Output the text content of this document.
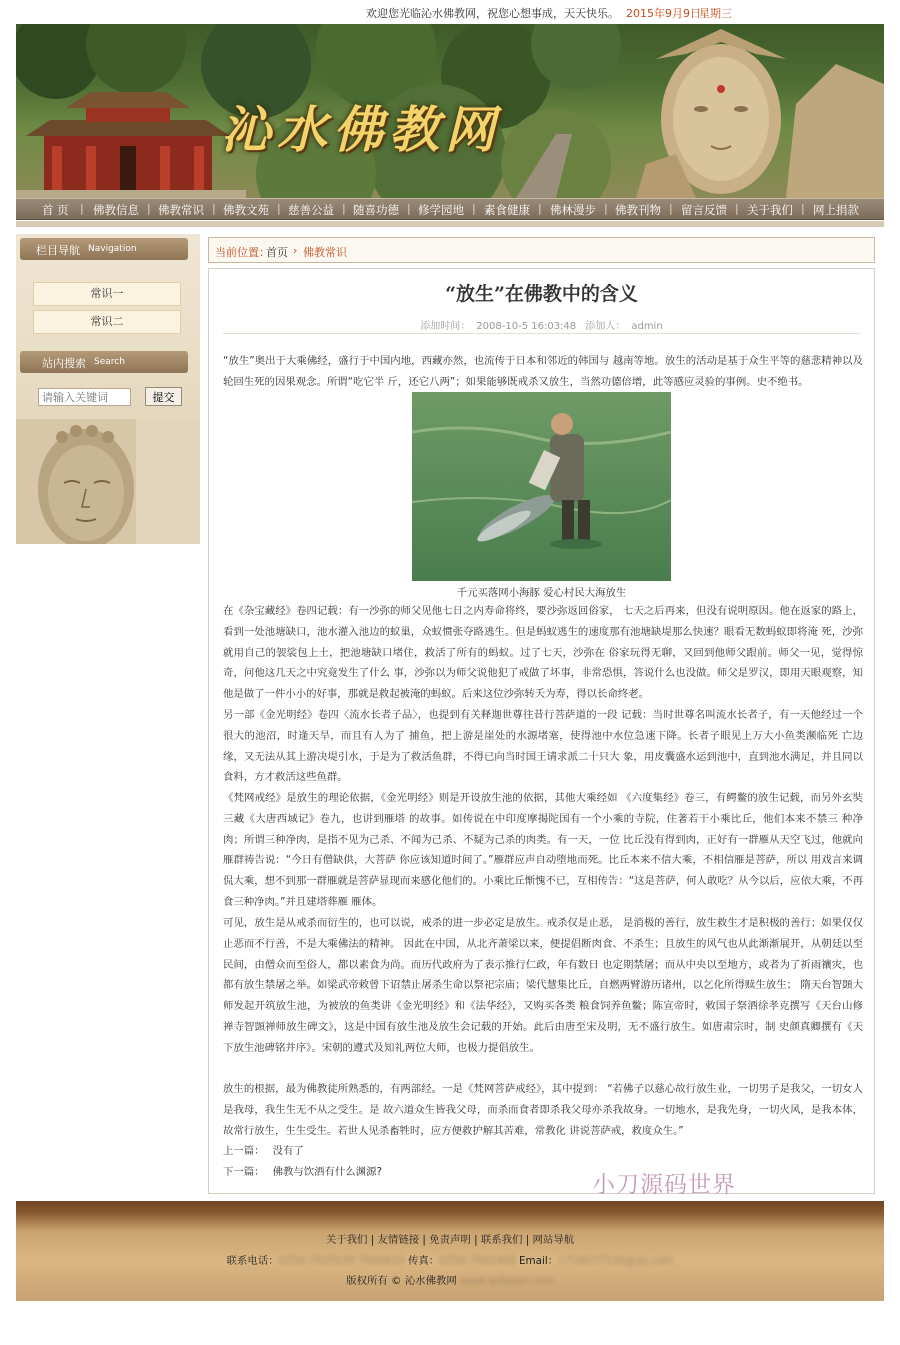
欢迎您光临沁水佛教网，祝您心想事成，天天快乐。 2015年9月9日
星期三
沁水佛教网
首 页 | 佛教信息 | 佛教常识 | 佛教文苑 | 慈善公益 | 随喜功德 | 修学园地 | 素食健康 | 佛林漫步 | 佛教刊物 | 留言反馈 | 关于我们 | 网上捐款
栏目导航 Navigation
常识一
常识二
站内搜索 Search
请输入关键词
提交
当前位置：
首页 › 佛教常识
“放生”在佛教中的含义
添加时间： 2008-10-5 16:03:48 添加人： admin
“放生”奥出于大乘佛经，盛行于中国内地，西藏亦然，也流传于日本和邻近的韩国与 越南等地。放生的活动是基于众生平等的慈悲精神以及轮回生死的因果观念。所谓“吃它半 斤，还它八两”；如果能够既戒杀又放生，当然功德倍增，此等感应灵验的事例。史不绝书。
千元买落网小海豚 爱心村民大海放生
在《杂宝藏经》卷四记载：有一沙弥的师父见他七日之内寿命将终，要沙弥返回俗家， 七天之后再来，但没有说明原因。他在返家的路上，看到一处池塘缺口，池水灌入池边的蚁巢，众蚁惯张夺路逃生。但是蚂蚁逃生的速度那有池塘缺堤那么快速？眼看无数蚂蚁即将淹 死，沙弥就用自己的袈裟包上土，把池塘缺口堵住，救活了所有的蚂蚁。过了七天，沙弥在 俗家玩得无聊，又回到他师父跟前。师父一见，觉得惊奇，问他这几天之中究竟发生了什么 事，沙弥以为师父说他犯了戒做了坏事，非常恐惧，答说什么也没做。师父是罗汉，即用天眼观察，知他是做了一件小小的好事，那就是救起被淹的蚂蚁。后来这位沙弥转夭为寿，得以长命终老。
另一部《金光明经》卷四〈流水长者子品〉，也提到有关释迦世尊往昔行菩萨道的一段 记载：当时世尊名叫流水长者子，有一天他经过一个很大的池沼，时逢天旱，而且有人为了 捕鱼，把上游是崖处的水源堵塞，使得池中水位急速下降。长者子眼见上万大小鱼类濒临死 亡边缘，又无法从其上游决堤引水，于是为了救活鱼群，不得已向当时国王请求派二十只大 象，用皮囊盛水运到池中，直到池水满足，并且同以食料，方才救活这些鱼群。
《梵网戒经》是放生的理论依据，《金光明经》则是开设放生池的依据，其他大乘经如 《六度集经》卷三，有鳄鳖的放生记载，而另外玄奘三藏《大唐西域记》卷九，也讲到雁塔 的故事。如传说在中印度摩揭陀国有一个小乘的寺院，住著若干小乘比丘，他们本来不禁三 种净肉；所谓三种净肉，是指不见为己杀、不闻为己杀、不疑为己杀的肉类。有一天，一位 比丘没有得到肉，正好有一群雁从天空飞过，他就向雁群祷告说：“今日有僧缺供，大菩萨 你应该知道时间了。”雁群应声自动堕地而死。比丘本来不信大乘，不相信雁是菩萨，所以 用戏言来调侃大乘，想不到那一群雁就是菩萨显现而来感化他们的。小乘比丘惭愧不已，互相传告：“这是菩萨，何人敢吃？从今以后，应依大乘，不再食三种净肉。”并且建塔葬雁 雁体。
可见，放生是从戒杀而衍生的，也可以说，戒杀的进一步必定是放生。戒杀仅是止恶， 是消极的善行，放生救生才是积极的善行；如果仅仅止恶而不行善，不是大乘佛法的精神。 因此在中国，从北齐萧梁以来，便提倡断肉食、不杀生；且放生的风气也从此渐渐展开，从朝廷以至民间，由僧众而至俗人，都以素食为尚。而历代政府为了表示推行仁政，年有数日 也定期禁屠；而从中央以至地方，或者为了祈雨禳灾，也都有放生禁屠之举。如梁武帝敕曾下诏禁止屠杀生命以祭祀宗庙；梁代慧集比丘，自燃两臂游历诸州，以乞化所得赎生放生； 隋天台智顗大师发起开筑放生池，为被放的鱼类讲《金光明经》和《法华经》，又购买各类 粮食饲养鱼鳖；陈宣帝时，敕国子祭酒徐孝克撰写《天台山修禅寺智顗禅师放生碑文》，这是中国有放生池及放生会记载的开始。此后由唐至宋及明，无不盛行放生。如唐肃宗时，制 史颜真卿撰有《天下放生池碑铭并序》。宋朝的遵式及知礼两位大师，也极力提倡放生。
放生的根据，最为佛教徒所熟悉的，有两部经。一是《梵网菩萨戒经》，其中提到： “若佛子以慈心故行放生业，一切男子是我父，一切女人是我母，我生生无不从之受生。是 故六道众生皆我父母，而杀而食者即杀我父母亦杀我故身。一切地水，是我先身，一切火风，是我本体，故常行放生，生生受生。若世人见杀畜牲时，应方便救护解其苦难，常教化 讲说菩萨戒，救度众生。”
上一篇： 没有了
下一篇： 佛教与饮酒有什么渊源?	小刀源码世界
关于我们 | 友情链接 | 免责声明 | 联系我们 | 网站导航
联系电话：0356-7025030 7060629 传真：0356-7062468 Email：1718037336@qq.com
版权所有 © 沁水佛教网 www.qsfojiao.com
